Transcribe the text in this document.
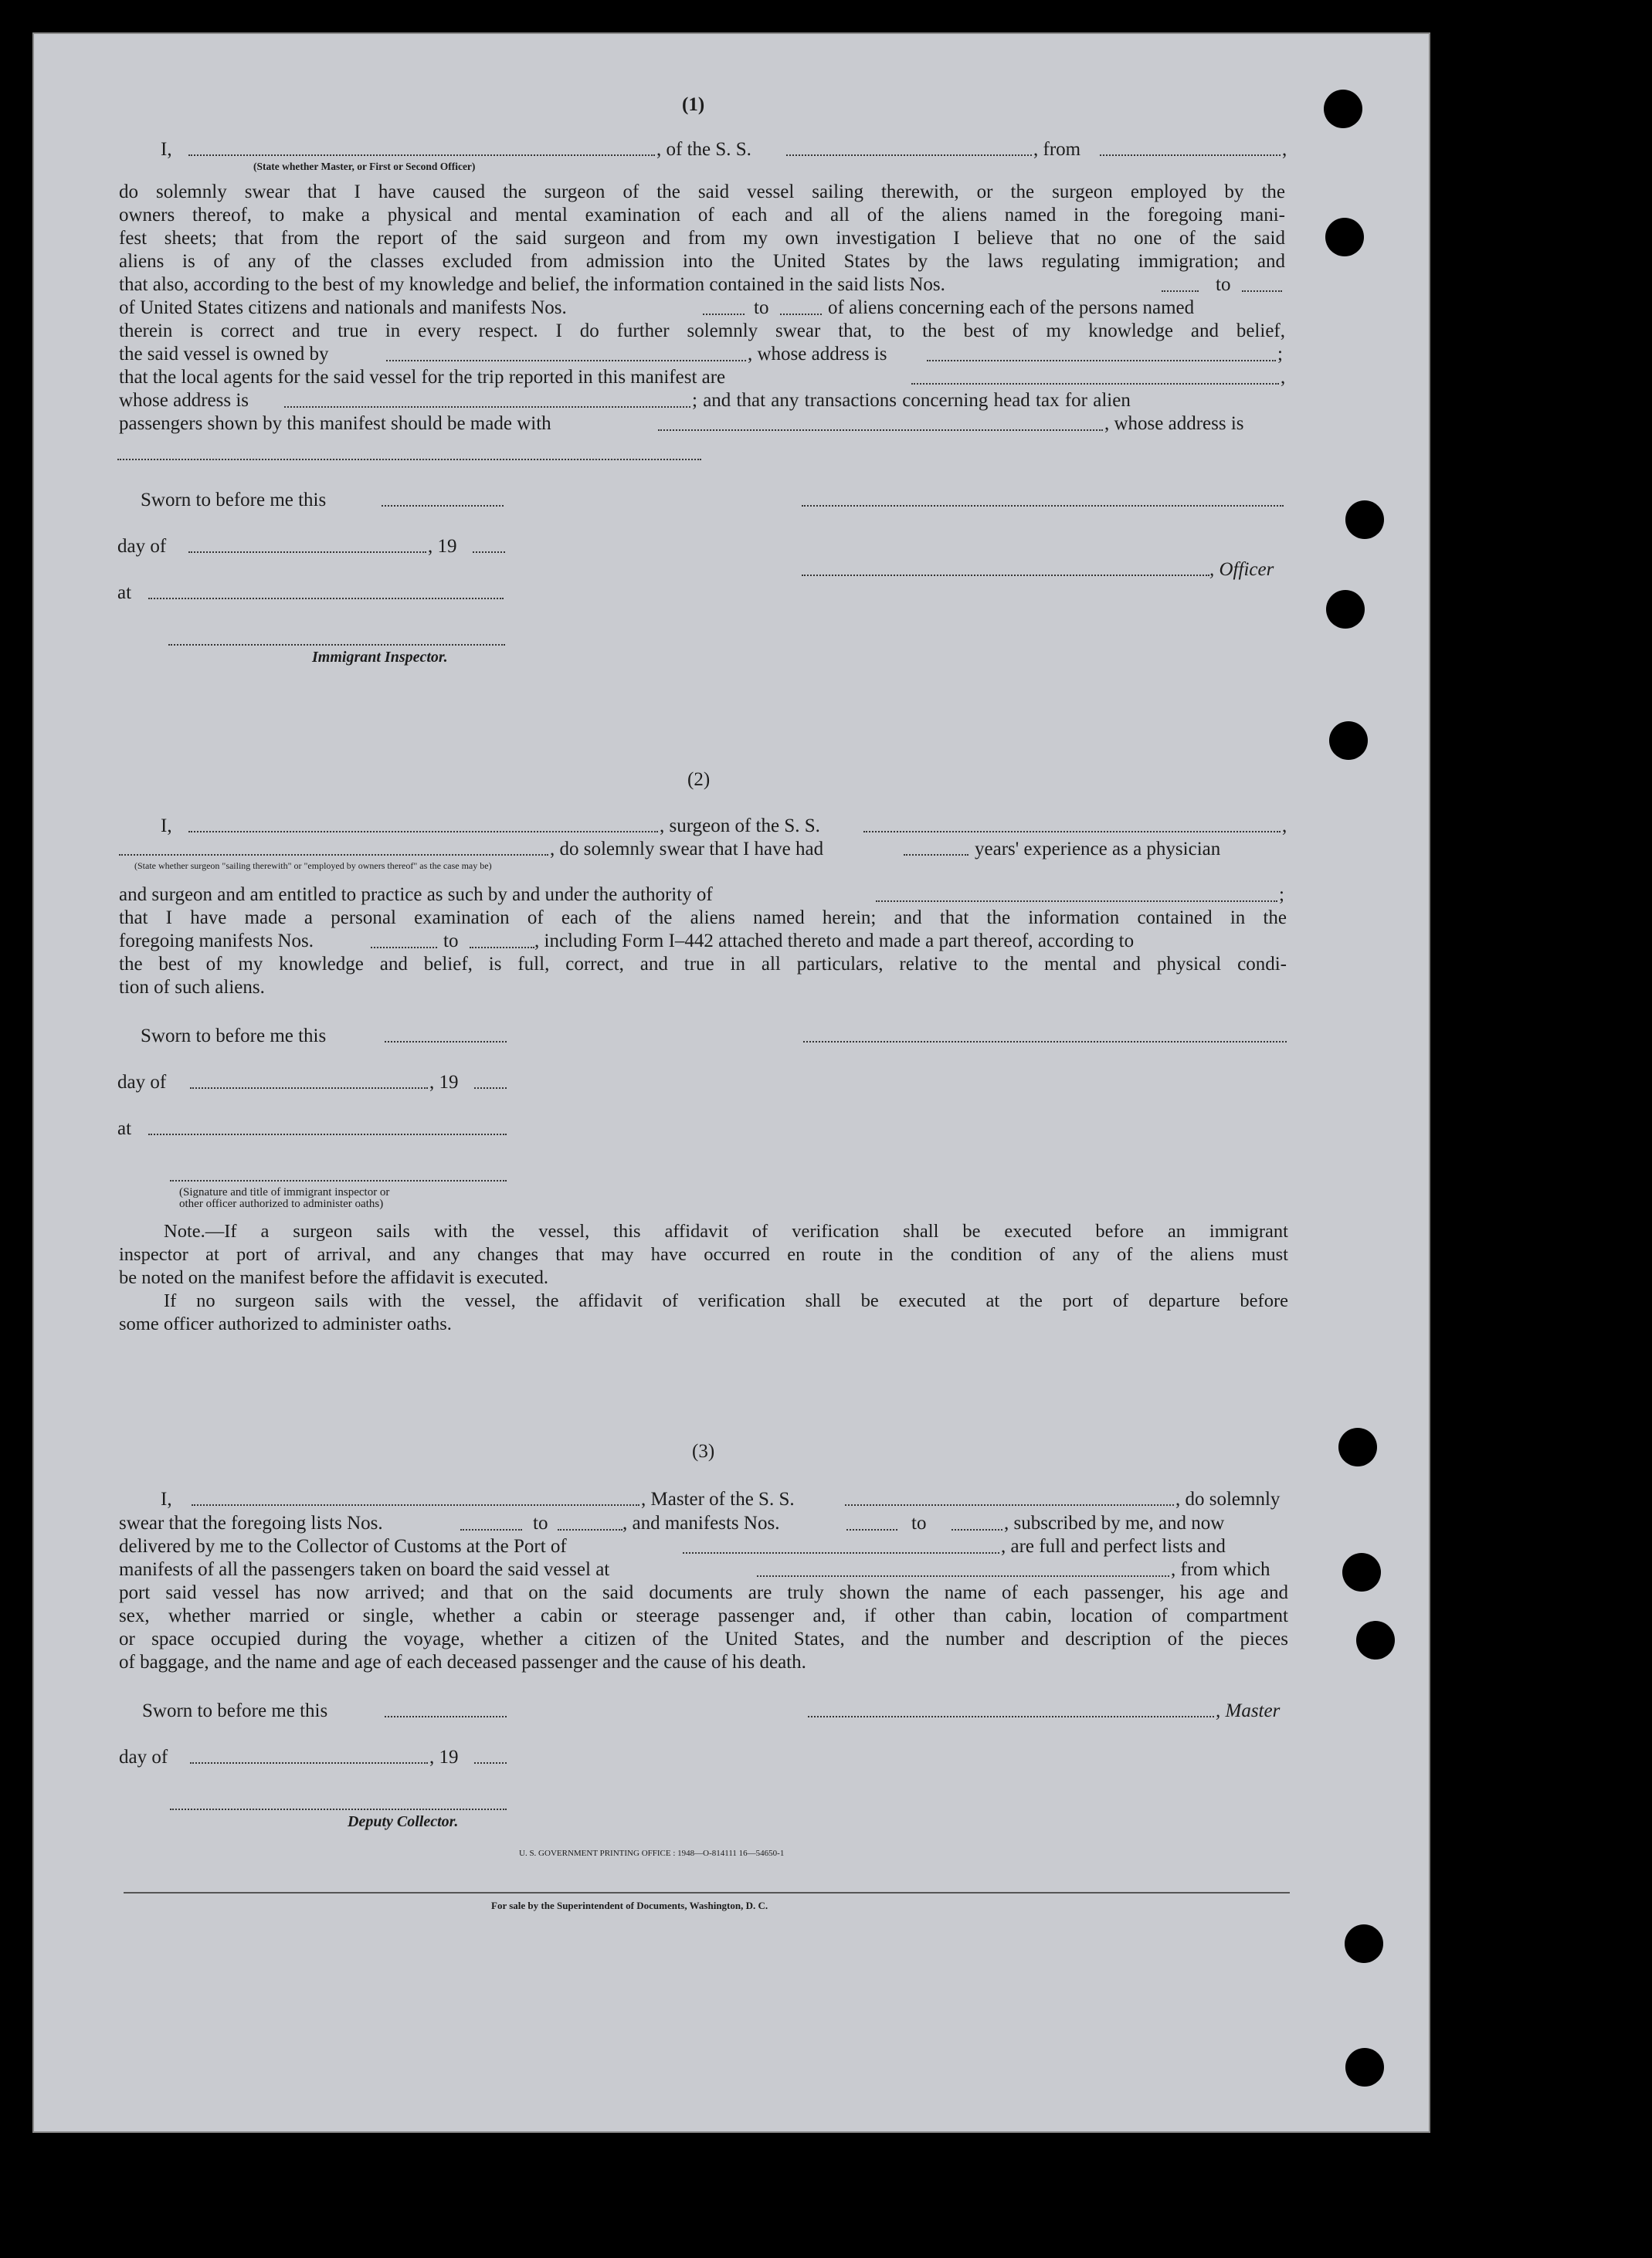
(1)
I,	, of the S. S.	, from	,
(State whether Master, or First or Second Officer)
do solemnly swear that I have caused the surgeon of the said vessel sailing therewith, or the surgeon employed by the
owners thereof, to make a physical and mental examination of each and all of the aliens named in the foregoing mani-
fest sheets; that from the report of the said surgeon and from my own investigation I believe that no one of the said
aliens is of any of the classes excluded from admission into the United States by the laws regulating immigration; and
that also, according to the best of my knowledge and belief, the information contained in the said lists Nos.	to
of United States citizens and nationals and manifests Nos.	to	of aliens concerning each of the persons named
therein is correct and true in every respect. I do further solemnly swear that, to the best of my knowledge and belief,
the said vessel is owned by	, whose address is	;
that the local agents for the said vessel for the trip reported in this manifest are	,
whose address is	; and that any transactions concerning head tax for alien
passengers shown by this manifest should be made with	, whose address is
Sworn to before me this
day of	, 19
, Officer
at
Immigrant Inspector.
(2)
I,	, surgeon of the S. S.	,
, do solemnly swear that I have had	years' experience as a physician
(State whether surgeon "sailing therewith" or "employed by owners thereof" as the case may be)
and surgeon and am entitled to practice as such by and under the authority of	;
that I have made a personal examination of each of the aliens named herein; and that the information contained in the
foregoing manifests Nos.	to	, including Form I–442 attached thereto and made a part thereof, according to
the best of my knowledge and belief, is full, correct, and true in all particulars, relative to the mental and physical condi-
tion of such aliens.
Sworn to before me this
day of	, 19
at
(Signature and title of immigrant inspector or
other officer authorized to administer oaths)
Note.—If a surgeon sails with the vessel, this affidavit of verification shall be executed before an immigrant
inspector at port of arrival, and any changes that may have occurred en route in the condition of any of the aliens must
be noted on the manifest before the affidavit is executed.
If no surgeon sails with the vessel, the affidavit of verification shall be executed at the port of departure before
some officer authorized to administer oaths.
(3)
I,	, Master of the S. S.	, do solemnly
swear that the foregoing lists Nos.	to	, and manifests Nos.	to	, subscribed by me, and now
delivered by me to the Collector of Customs at the Port of	, are full and perfect lists and
manifests of all the passengers taken on board the said vessel at	, from which
port said vessel has now arrived; and that on the said documents are truly shown the name of each passenger, his age and
sex, whether married or single, whether a cabin or steerage passenger and, if other than cabin, location of compartment
or space occupied during the voyage, whether a citizen of the United States, and the number and description of the pieces
of baggage, and the name and age of each deceased passenger and the cause of his death.
Sworn to before me this	, Master
day of	, 19
Deputy Collector.
U. S. GOVERNMENT PRINTING OFFICE : 1948—O-814111 16—54650-1
For sale by the Superintendent of Documents, Washington, D. C.
